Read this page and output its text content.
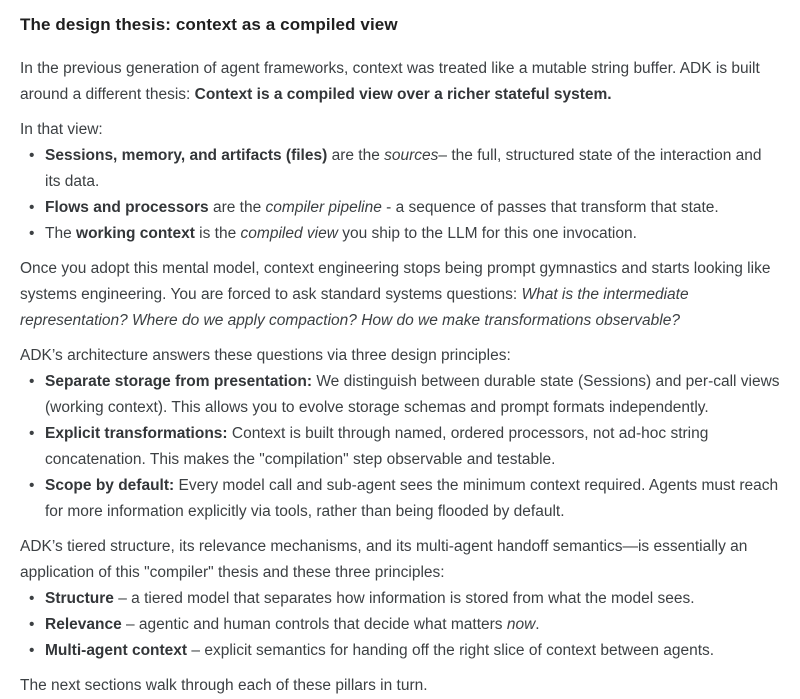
The design thesis: context as a compiled view

In the previous generation of agent frameworks, context was treated like a mutable string buffer. ADK is built around a different thesis: Context is a compiled view over a richer stateful system.

In that view:

• Sessions, memory, and artifacts (files) are the sources– the full, structured state of the interaction and its data.
• Flows and processors are the compiler pipeline - a sequence of passes that transform that state.
• The working context is the compiled view you ship to the LLM for this one invocation.

Once you adopt this mental model, context engineering stops being prompt gymnastics and starts looking like systems engineering. You are forced to ask standard systems questions: What is the intermediate representation? Where do we apply compaction? How do we make transformations observable?

ADK’s architecture answers these questions via three design principles:

• Separate storage from presentation: We distinguish between durable state (Sessions) and per-call views (working context). This allows you to evolve storage schemas and prompt formats independently.
• Explicit transformations: Context is built through named, ordered processors, not ad-hoc string concatenation. This makes the "compilation" step observable and testable.
• Scope by default: Every model call and sub-agent sees the minimum context required. Agents must reach for more information explicitly via tools, rather than being flooded by default.

ADK’s tiered structure, its relevance mechanisms, and its multi-agent handoff semantics—is essentially an application of this "compiler" thesis and these three principles:

• Structure – a tiered model that separates how information is stored from what the model sees.
• Relevance – agentic and human controls that decide what matters now.
• Multi-agent context – explicit semantics for handing off the right slice of context between agents.

The next sections walk through each of these pillars in turn.
